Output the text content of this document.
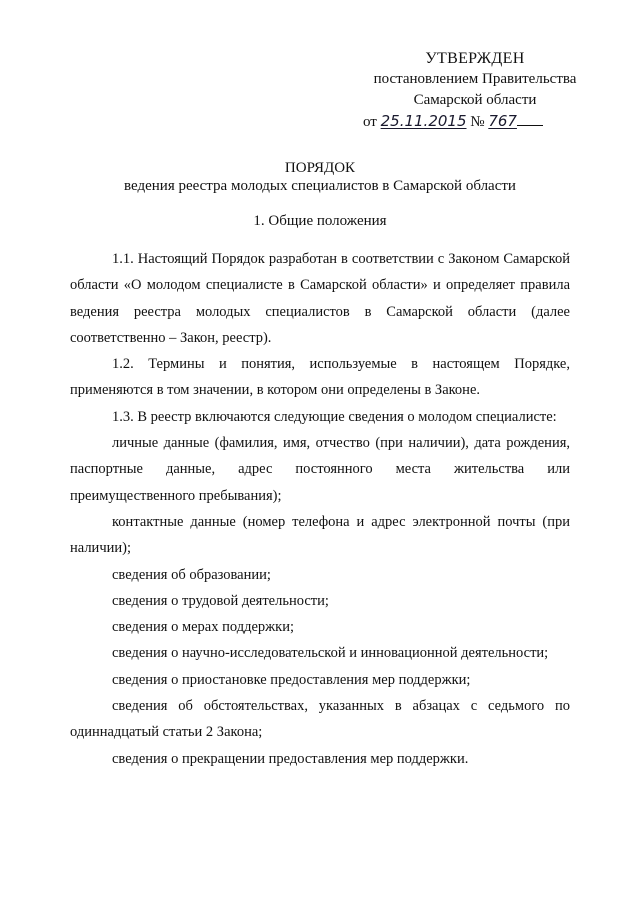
УТВЕРЖДЕН
постановлением Правительства
Самарской области
от 25.11.2015 № 767
ПОРЯДОК
ведения реестра молодых специалистов в Самарской области
1. Общие положения

1.1. Настоящий Порядок разработан в соответствии с Законом Самарской области «О молодом специалисте в Самарской области» и определяет правила ведения реестра молодых специалистов в Самарской области (далее соответственно – Закон, реестр).

1.2. Термины и понятия, используемые в настоящем Порядке, применяются в том значении, в котором они определены в Законе.

1.3. В реестр включаются следующие сведения о молодом специалисте:

личные данные (фамилия, имя, отчество (при наличии), дата рождения, паспортные данные, адрес постоянного места жительства или преимущественного пребывания);

контактные данные (номер телефона и адрес электронной почты (при наличии);

сведения об образовании;

сведения о трудовой деятельности;

сведения о мерах поддержки;

сведения о научно-исследовательской и инновационной деятельности;

сведения о приостановке предоставления мер поддержки;

сведения об обстоятельствах, указанных в абзацах с седьмого по одиннадцатый статьи 2 Закона;

сведения о прекращении предоставления мер поддержки.
